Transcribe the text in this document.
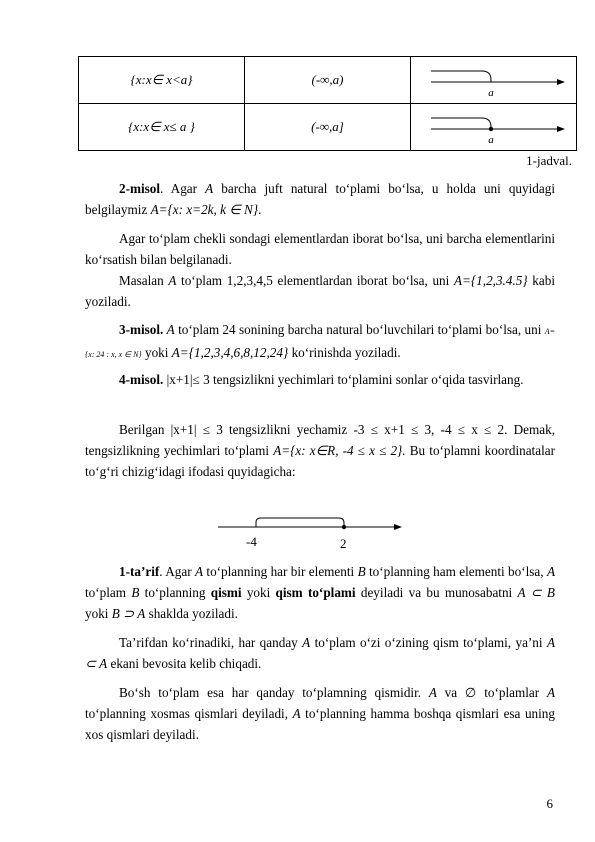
{x:x∈ x<a}	(-∞,a)	a

{x:x∈ x≤ a }	(-∞,a]	a
1-jadval.
2-misol. Agar A barcha juft natural to‘plami bo‘lsa, u holda uni quyidagi belgilaymiz A={x: x=2k, k ∈ N}.
Agar to‘plam chekli sondagi elementlardan iborat bo‘lsa, uni barcha elementlarini ko‘rsatish bilan belgilanadi.
Masalan A to‘plam 1,2,3,4,5 elementlardan iborat bo‘lsa, uni A={1,2,3.4.5} kabi yoziladi.
3-misol. A to‘plam 24 sonining barcha natural bo‘luvchilari to‘plami bo‘lsa, uni A={x: 24 : x, x ∈ N} yoki A={1,2,3,4,6,8,12,24} ko‘rinishda yoziladi.
4-misol. |x+1|≤ 3 tengsizlikni yechimlari to‘plamini sonlar o‘qida tasvirlang.
Berilgan |x+1| ≤ 3 tengsizlikni yechamiz -3 ≤ x+1 ≤ 3, -4 ≤ x ≤ 2. Demak, tengsizlikning yechimlari to‘plami A={x: x∈R, -4 ≤ x ≤ 2}. Bu to‘plamni koordinatalar to‘g‘ri chizig‘idagi ifodasi quyidagicha:
-4	2
1-ta’rif. Agar A to‘planning har bir elementi B to‘planning ham elementi bo‘lsa, A to‘plam B to‘planning qismi yoki qism to‘plami deyiladi va bu munosabatni A ⊂ B yoki B ⊃ A shaklda yoziladi.
Ta’rifdan ko‘rinadiki, har qanday A to‘plam o‘zi o‘zining qism to‘plami, ya’ni A ⊂ A ekani bevosita kelib chiqadi.
Bo‘sh to‘plam esa har qanday to‘plamning qismidir. A va ∅ to‘plamlar A to‘planning xosmas qismlari deyiladi, A to‘planning hamma boshqa qismlari esa uning xos qismlari deyiladi.
6
